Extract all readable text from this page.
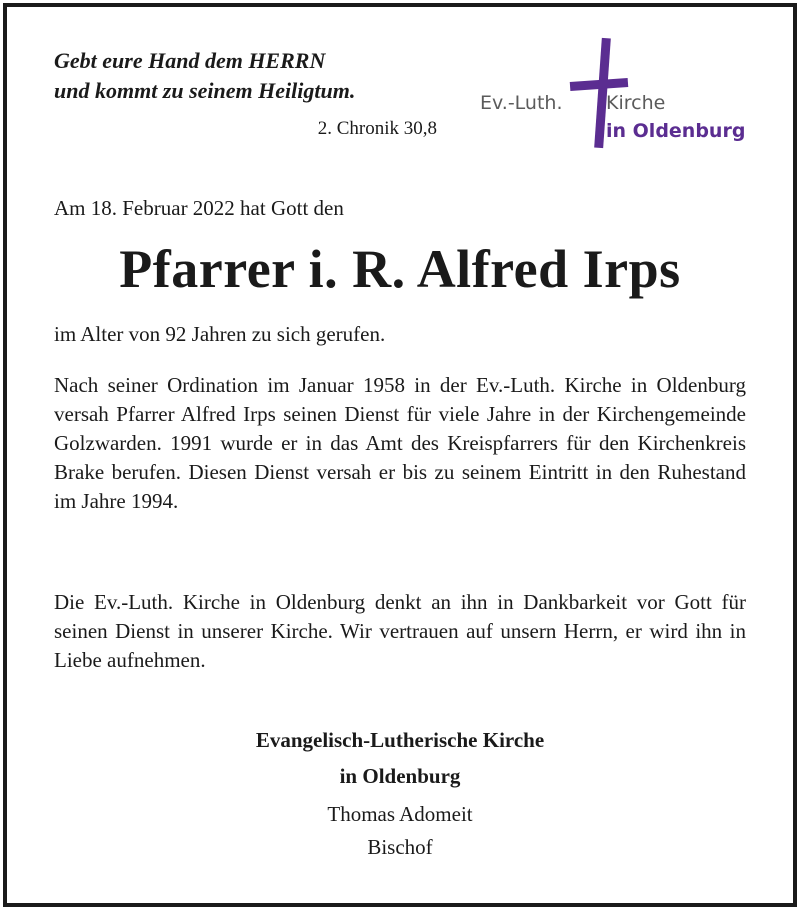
Gebt eure Hand dem HERRN
und kommt zu seinem Heiligtum.
2. Chronik 30,8
Ev.-Luth. Kirche
in Oldenburg
Am 18. Februar 2022 hat Gott den
Pfarrer i. R. Alfred Irps
im Alter von 92 Jahren zu sich gerufen.
Nach seiner Ordination im Januar 1958 in der Ev.-Luth. Kirche in Oldenburg versah Pfarrer Alfred Irps seinen Dienst für viele Jahre in der Kirchengemeinde Golzwarden. 1991 wurde er in das Amt des Kreispfarrers für den Kirchenkreis Brake berufen. Diesen Dienst versah er bis zu seinem Eintritt in den Ruhestand im Jahre 1994.
Die Ev.-Luth. Kirche in Oldenburg denkt an ihn in Dankbarkeit vor Gott für seinen Dienst in unserer Kirche. Wir vertrauen auf unsern Herrn, er wird ihn in Liebe aufnehmen.
Evangelisch-Lutherische Kirche
in Oldenburg
Thomas Adomeit
Bischof
